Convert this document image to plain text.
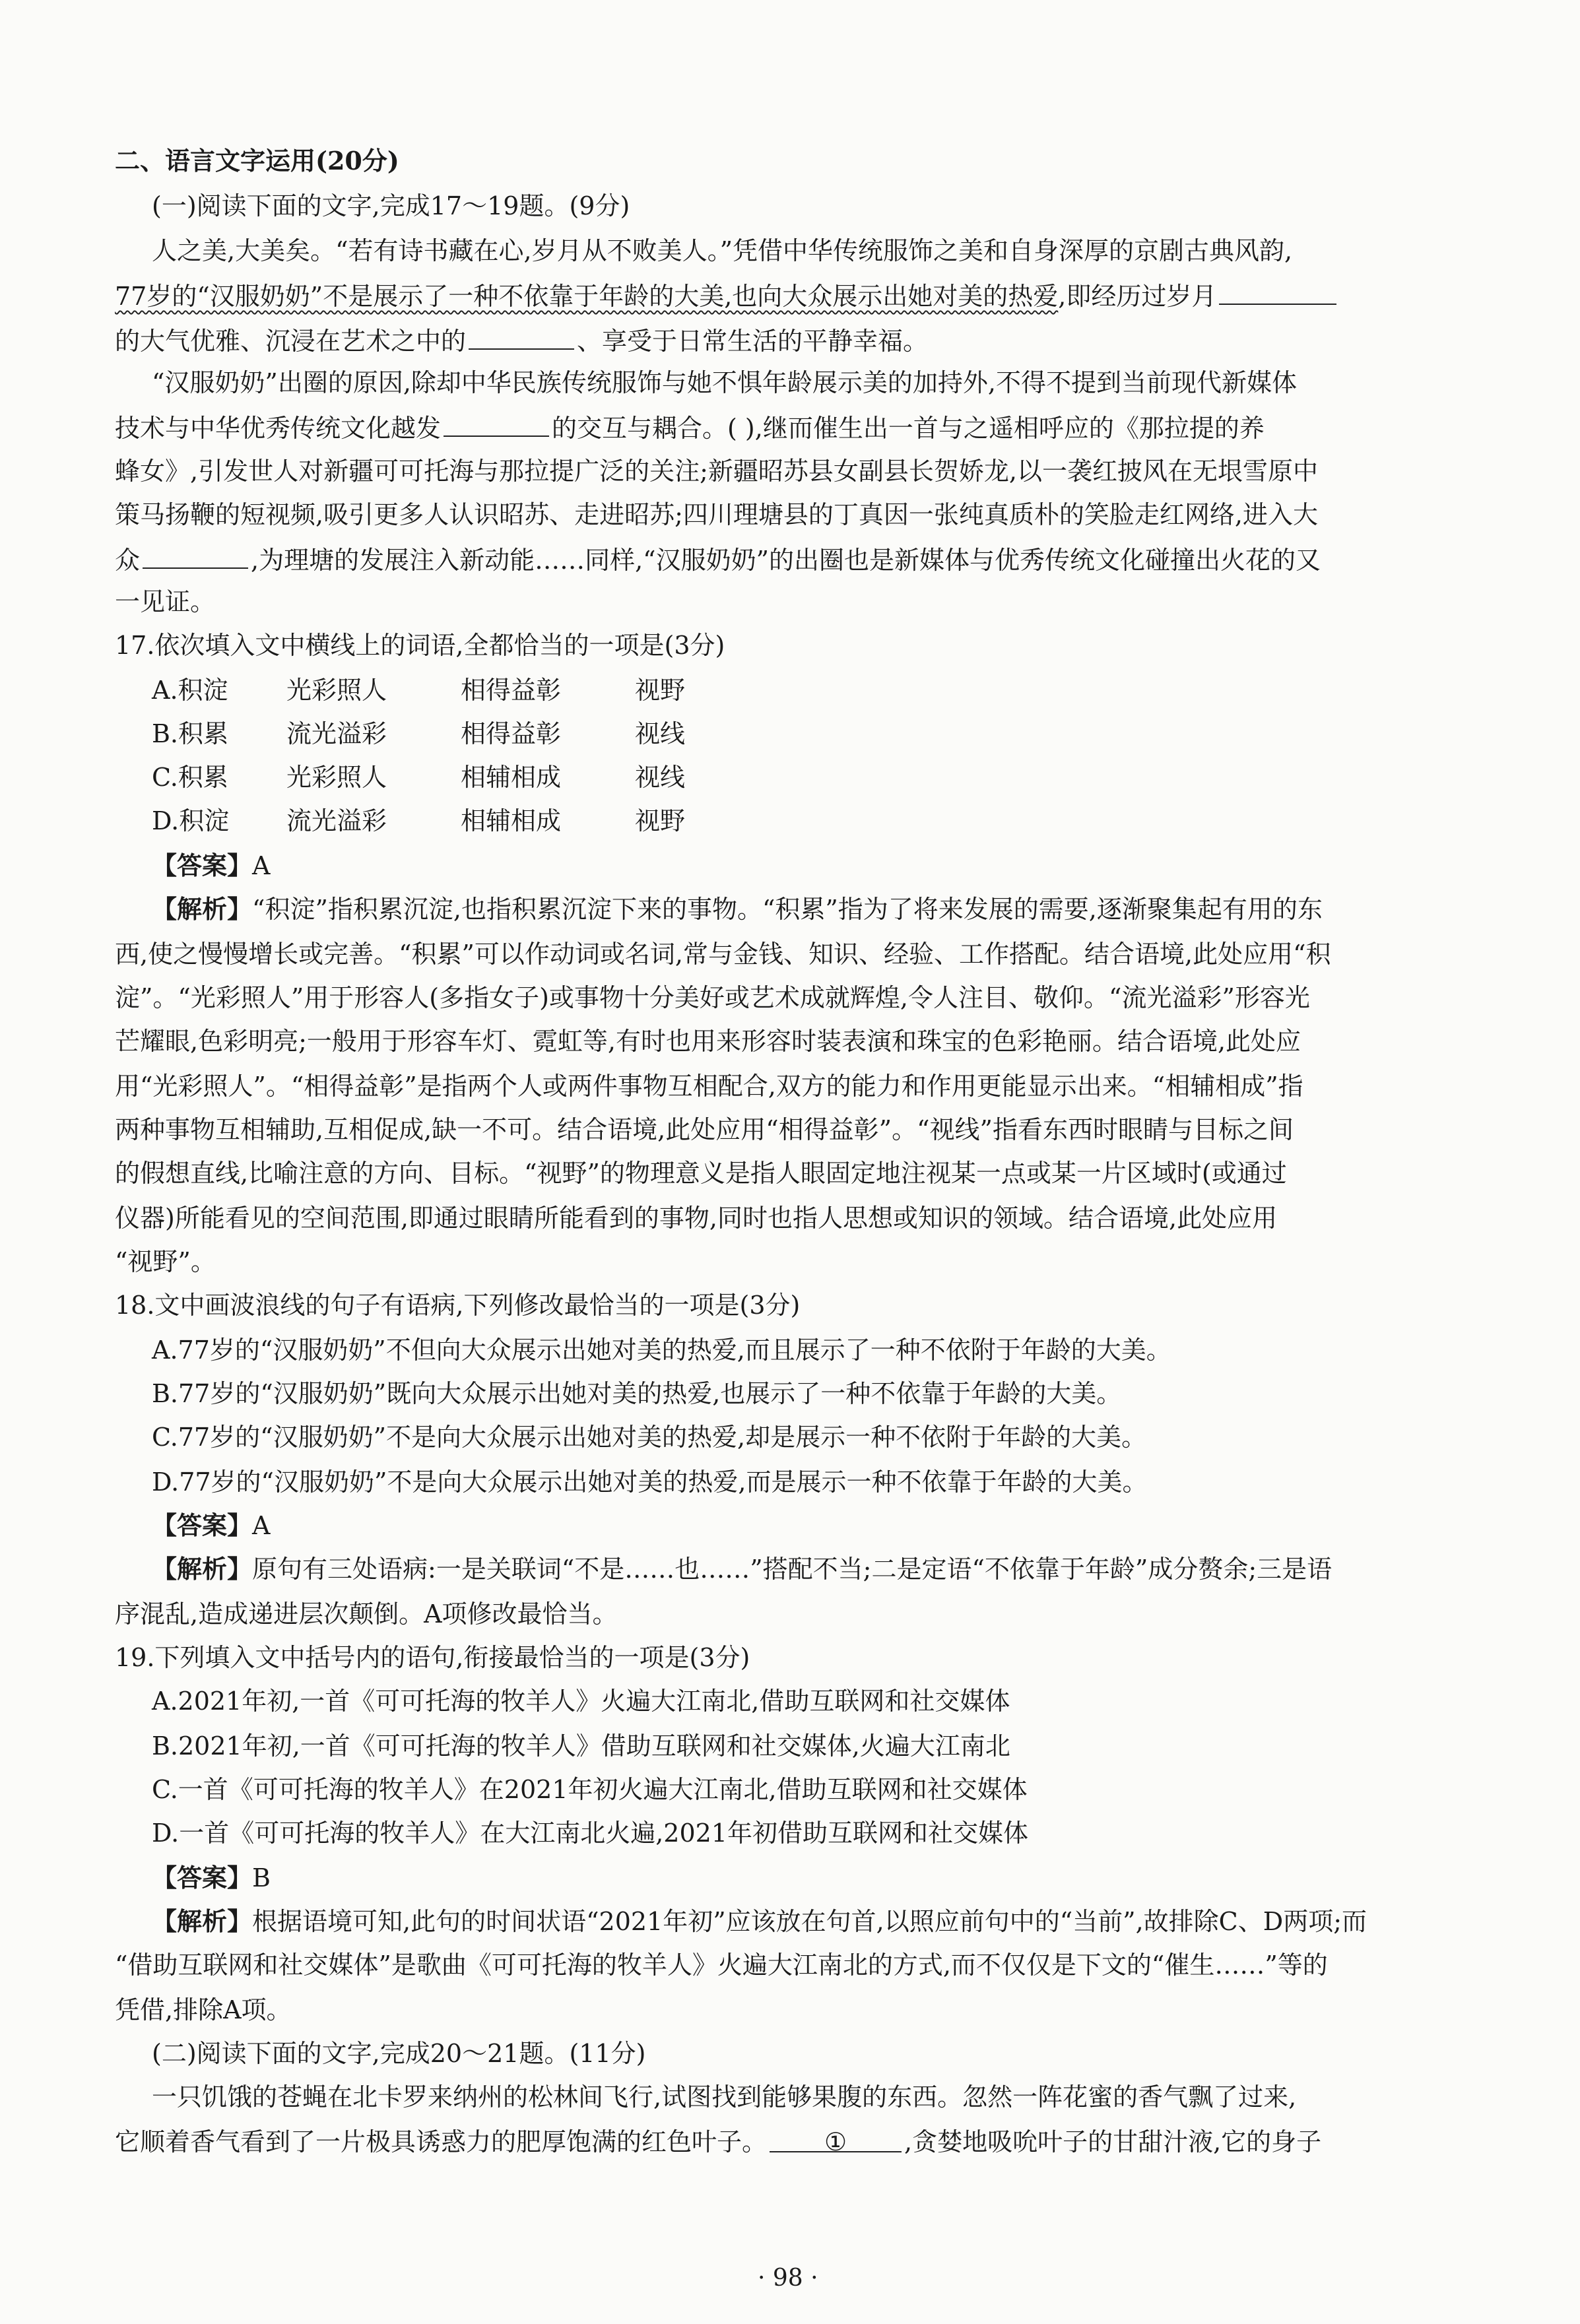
二、语言文字运用(20分)
(一)阅读下面的文字,完成17～19题。(9分)
人之美,大美矣。“若有诗书藏在心,岁月从不败美人。”凭借中华传统服饰之美和自身深厚的京剧古典风韵,
77岁的“汉服奶奶”不是展示了一种不依靠于年龄的大美,也向大众展示出她对美的热爱,即经历过岁月
的大气优雅、沉浸在艺术之中的	、享受于日常生活的平静幸福。
“汉服奶奶”出圈的原因,除却中华民族传统服饰与她不惧年龄展示美的加持外,不得不提到当前现代新媒体
技术与中华优秀传统文化越发	的交互与耦合。( ),继而催生出一首与之遥相呼应的《那拉提的养
蜂女》,引发世人对新疆可可托海与那拉提广泛的关注;新疆昭苏县女副县长贺娇龙,以一袭红披风在无垠雪原中
策马扬鞭的短视频,吸引更多人认识昭苏、走进昭苏;四川理塘县的丁真因一张纯真质朴的笑脸走红网络,进入大
众	,为理塘的发展注入新动能……同样,“汉服奶奶”的出圈也是新媒体与优秀传统文化碰撞出火花的又
一见证。
17.依次填入文中横线上的词语,全都恰当的一项是(3分)
A.积淀 光彩照人	相得益彰	视野
B.积累 流光溢彩	相得益彰	视线
C.积累 光彩照人	相辅相成	视线
D.积淀 流光溢彩	相辅相成	视野
【答案】A
【解析】“积淀”指积累沉淀,也指积累沉淀下来的事物。“积累”指为了将来发展的需要,逐渐聚集起有用的东
西,使之慢慢增长或完善。“积累”可以作动词或名词,常与金钱、知识、经验、工作搭配。结合语境,此处应用“积
淀”。“光彩照人”用于形容人(多指女子)或事物十分美好或艺术成就辉煌,令人注目、敬仰。“流光溢彩”形容光
芒耀眼,色彩明亮;一般用于形容车灯、霓虹等,有时也用来形容时装表演和珠宝的色彩艳丽。结合语境,此处应
用“光彩照人”。“相得益彰”是指两个人或两件事物互相配合,双方的能力和作用更能显示出来。“相辅相成”指
两种事物互相辅助,互相促成,缺一不可。结合语境,此处应用“相得益彰”。“视线”指看东西时眼睛与目标之间
的假想直线,比喻注意的方向、目标。“视野”的物理意义是指人眼固定地注视某一点或某一片区域时(或通过
仪器)所能看见的空间范围,即通过眼睛所能看到的事物,同时也指人思想或知识的领域。结合语境,此处应用
“视野”。
18.文中画波浪线的句子有语病,下列修改最恰当的一项是(3分)
A.77岁的“汉服奶奶”不但向大众展示出她对美的热爱,而且展示了一种不依附于年龄的大美。
B.77岁的“汉服奶奶”既向大众展示出她对美的热爱,也展示了一种不依靠于年龄的大美。
C.77岁的“汉服奶奶”不是向大众展示出她对美的热爱,却是展示一种不依附于年龄的大美。
D.77岁的“汉服奶奶”不是向大众展示出她对美的热爱,而是展示一种不依靠于年龄的大美。
【答案】A
【解析】原句有三处语病:一是关联词“不是……也……”搭配不当;二是定语“不依靠于年龄”成分赘余;三是语
序混乱,造成递进层次颠倒。A项修改最恰当。
19.下列填入文中括号内的语句,衔接最恰当的一项是(3分)
A.2021年初,一首《可可托海的牧羊人》火遍大江南北,借助互联网和社交媒体
B.2021年初,一首《可可托海的牧羊人》借助互联网和社交媒体,火遍大江南北
C.一首《可可托海的牧羊人》在2021年初火遍大江南北,借助互联网和社交媒体
D.一首《可可托海的牧羊人》在大江南北火遍,2021年初借助互联网和社交媒体
【答案】B
【解析】根据语境可知,此句的时间状语“2021年初”应该放在句首,以照应前句中的“当前”,故排除C、D两项;而
“借助互联网和社交媒体”是歌曲《可可托海的牧羊人》火遍大江南北的方式,而不仅仅是下文的“催生……”等的
凭借,排除A项。
(二)阅读下面的文字,完成20～21题。(11分)
一只饥饿的苍蝇在北卡罗来纳州的松林间飞行,试图找到能够果腹的东西。忽然一阵花蜜的香气飘了过来,
它顺着香气看到了一片极具诱惑力的肥厚饱满的红色叶子。 ① ,贪婪地吸吮叶子的甘甜汁液,它的身子
· 98 ·
